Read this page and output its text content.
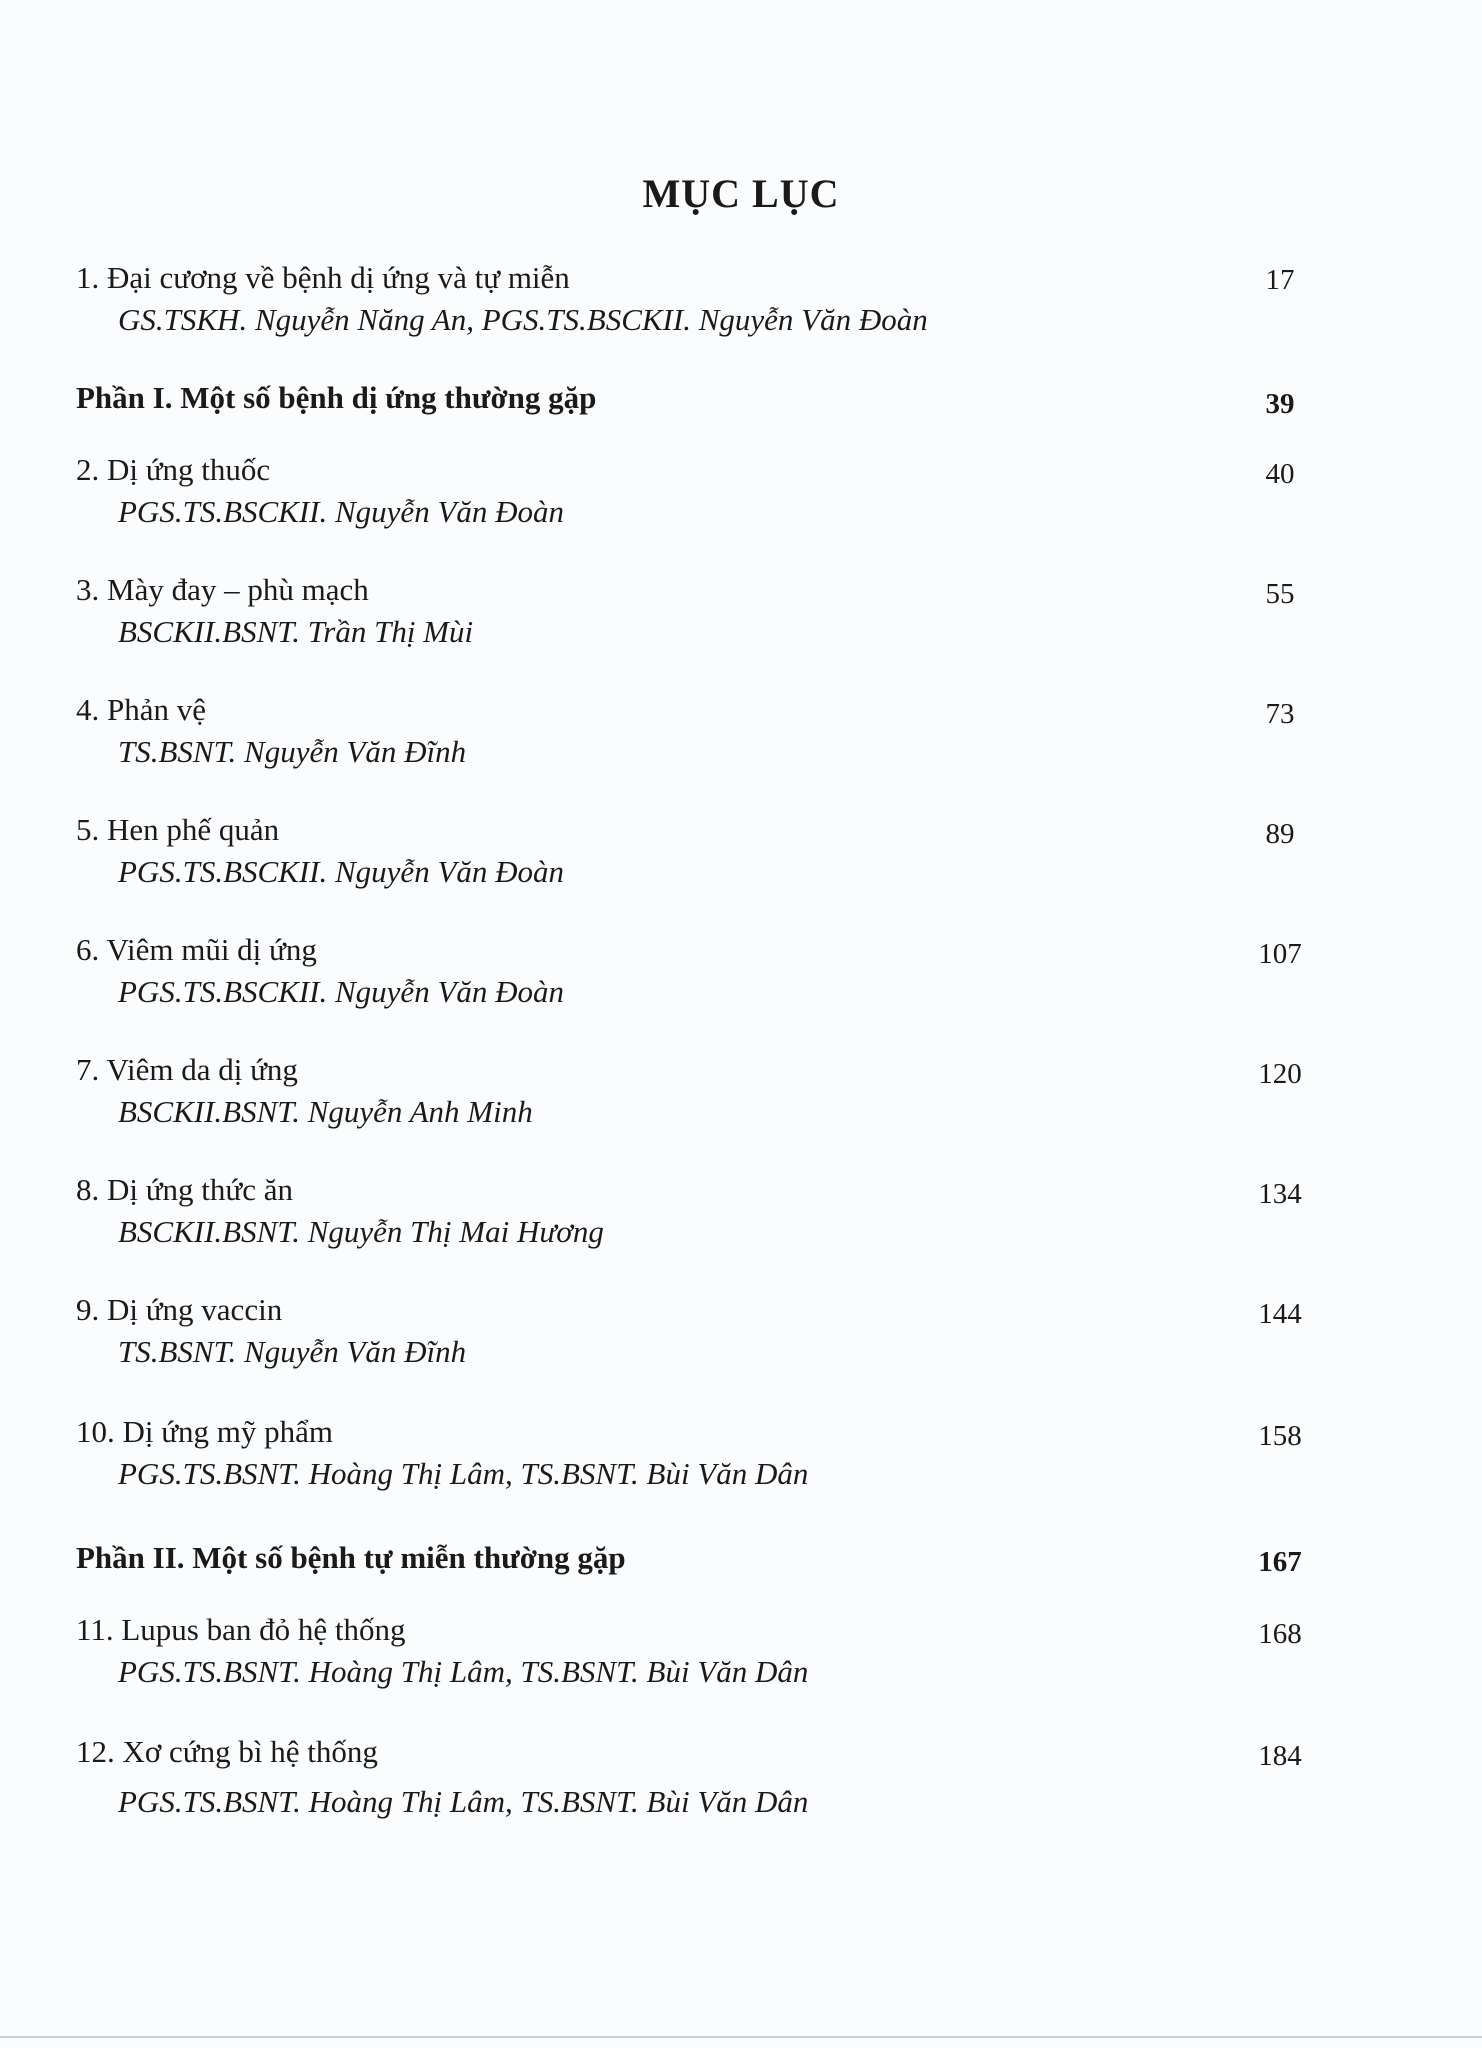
MỤC LỤC
1. Đại cương về bệnh dị ứng và tự miễn	17
GS.TSKH. Nguyễn Năng An, PGS.TS.BSCKII. Nguyễn Văn Đoàn
Phần I. Một số bệnh dị ứng thường gặp	39
2. Dị ứng thuốc	40
PGS.TS.BSCKII. Nguyễn Văn Đoàn
3. Mày đay – phù mạch	55
BSCKII.BSNT. Trần Thị Mùi
4. Phản vệ	73
TS.BSNT. Nguyễn Văn Đĩnh
5. Hen phế quản	89
PGS.TS.BSCKII. Nguyễn Văn Đoàn
6. Viêm mũi dị ứng	107
PGS.TS.BSCKII. Nguyễn Văn Đoàn
7. Viêm da dị ứng	120
BSCKII.BSNT. Nguyễn Anh Minh
8. Dị ứng thức ăn	134
BSCKII.BSNT. Nguyễn Thị Mai Hương
9. Dị ứng vaccin	144
TS.BSNT. Nguyễn Văn Đĩnh
10. Dị ứng mỹ phẩm	158
PGS.TS.BSNT. Hoàng Thị Lâm, TS.BSNT. Bùi Văn Dân
Phần II. Một số bệnh tự miễn thường gặp	167
11. Lupus ban đỏ hệ thống	168
PGS.TS.BSNT. Hoàng Thị Lâm, TS.BSNT. Bùi Văn Dân
12. Xơ cứng bì hệ thống	184
PGS.TS.BSNT. Hoàng Thị Lâm, TS.BSNT. Bùi Văn Dân
